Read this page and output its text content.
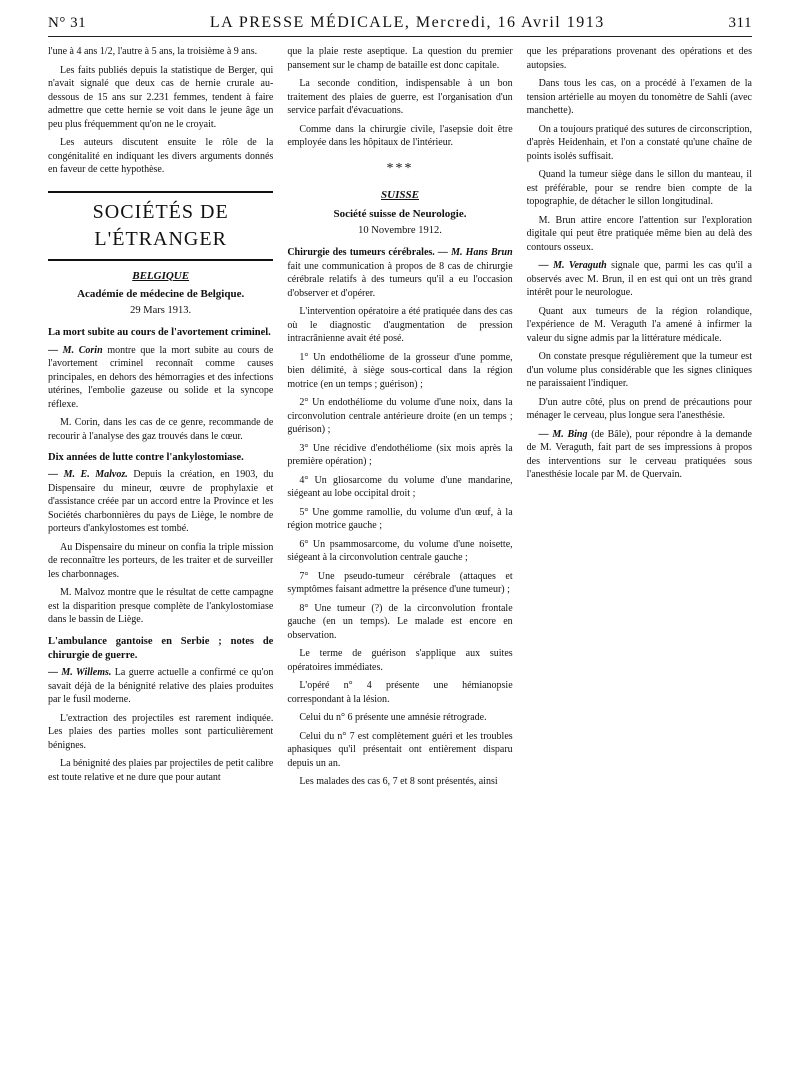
N° 31	LA PRESSE MÉDICALE, Mercredi, 16 Avril 1913	311

l'une à 4 ans 1/2, l'autre à 5 ans, la troisième à 9 ans.

Les faits publiés depuis la statistique de Berger, qui n'avait signalé que deux cas de hernie crurale au-dessous de 15 ans sur 2.231 femmes, tendent à faire admettre que cette hernie se voit dans le jeune âge un peu plus fréquemment qu'on ne le croyait.

Les auteurs discutent ensuite le rôle de la congénitalité en indiquant les divers arguments donnés en faveur de cette hypothèse.

SOCIÉTÉS DE L'ÉTRANGER
BELGIQUE
Académie de médecine de Belgique.
29 Mars 1913.
La mort subite au cours de l'avortement criminel.

— M. Corin montre que la mort subite au cours de l'avortement criminel reconnaît comme causes principales, en dehors des hémorragies et des infections utérines, l'embolie gazeuse ou solide et la syncope réflexe.

M. Corin, dans les cas de ce genre, recommande de recourir à l'analyse des gaz trouvés dans le cœur.

Dix années de lutte contre l'ankylostomiase.

— M. E. Malvoz. Depuis la création, en 1903, du Dispensaire du mineur, œuvre de prophylaxie et d'assistance créée par un accord entre la Province et les Sociétés charbonnières du pays de Liège, le nombre de porteurs d'ankylostomes est tombé.

Au Dispensaire du mineur on confia la triple mission de reconnaître les porteurs, de les traiter et de surveiller les charbonnages.

M. Malvoz montre que le résultat de cette campagne est la disparition presque complète de l'ankylostomiase dans le bassin de Liège.

L'ambulance gantoise en Serbie ; notes de chirurgie de guerre.

— M. Willems. La guerre actuelle a confirmé ce qu'on savait déjà de la bénignité relative des plaies produites par le fusil moderne.

L'extraction des projectiles est rarement indiquée. Les plaies des parties molles sont particulièrement bénignes.

La bénignité des plaies par projectiles de petit calibre est toute relative et ne dure que pour autant

que la plaie reste aseptique. La question du premier pansement sur le champ de bataille est donc capitale.

La seconde condition, indispensable à un bon traitement des plaies de guerre, est l'organisation d'un service parfait d'évacuations.

Comme dans la chirurgie civile, l'asepsie doit être employée dans les hôpitaux de l'intérieur.

***
SUISSE
Société suisse de Neurologie.
10 Novembre 1912.

Chirurgie des tumeurs cérébrales. — M. Hans Brun fait une communication à propos de 8 cas de chirurgie cérébrale relatifs à des tumeurs qu'il a eu l'occasion d'observer et d'opérer.

L'intervention opératoire a été pratiquée dans des cas où le diagnostic d'augmentation de pression intracrânienne avait été posé.

1° Un endothéliome de la grosseur d'une pomme, bien délimité, à siège sous-cortical dans la région motrice (en un temps ; guérison) ;

2° Un endothéliome du volume d'une noix, dans la circonvolution centrale antérieure droite (en un temps ; guérison) ;

3° Une récidive d'endothéliome (six mois après la première opération) ;

4° Un gliosarcome du volume d'une mandarine, siégeant au lobe occipital droit ;

5° Une gomme ramollie, du volume d'un œuf, à la région motrice gauche ;

6° Un psammosarcome, du volume d'une noisette, siégeant à la circonvolution centrale gauche ;

7° Une pseudo-tumeur cérébrale (attaques et symptômes faisant admettre la présence d'une tumeur) ;

8° Une tumeur (?) de la circonvolution frontale gauche (en un temps). Le malade est encore en observation.

Le terme de guérison s'applique aux suites opératoires immédiates.

L'opéré n° 4 présente une hémianopsie correspondant à la lésion.

Celui du n° 6 présente une amnésie rétrograde.

Celui du n° 7 est complètement guéri et les troubles aphasiques qu'il présentait ont entièrement disparu depuis un an.

Les malades des cas 6, 7 et 8 sont présentés, ainsi

que les préparations provenant des opérations et des autopsies.

Dans tous les cas, on a procédé à l'examen de la tension artérielle au moyen du tonomètre de Sahli (avec manchette).

On a toujours pratiqué des sutures de circonscription, d'après Heidenhain, et l'on a constaté qu'une chaîne de points isolés suffisait.

Quand la tumeur siège dans le sillon du manteau, il est préférable, pour se rendre bien compte de la topographie, de détacher le sillon longitudinal.

M. Brun attire encore l'attention sur l'exploration digitale qui peut être pratiquée même bien au delà des contours osseux.

— M. Veraguth signale que, parmi les cas qu'il a observés avec M. Brun, il en est qui ont un très grand intérêt pour le neurologue.

Quant aux tumeurs de la région rolandique, l'expérience de M. Veraguth l'a amené à infirmer la valeur du signe admis par la littérature médicale.

On constate presque régulièrement que la tumeur est d'un volume plus considérable que les signes cliniques ne paraissaient l'indiquer.

D'un autre côté, plus on prend de précautions pour ménager le cerveau, plus longue sera l'anesthésie.

— M. Bing (de Bâle), pour répondre à la demande de M. Veraguth, fait part de ses impressions à propos des interventions sur le cerveau pratiquées sous l'anesthésie locale par M. de Quervain.
